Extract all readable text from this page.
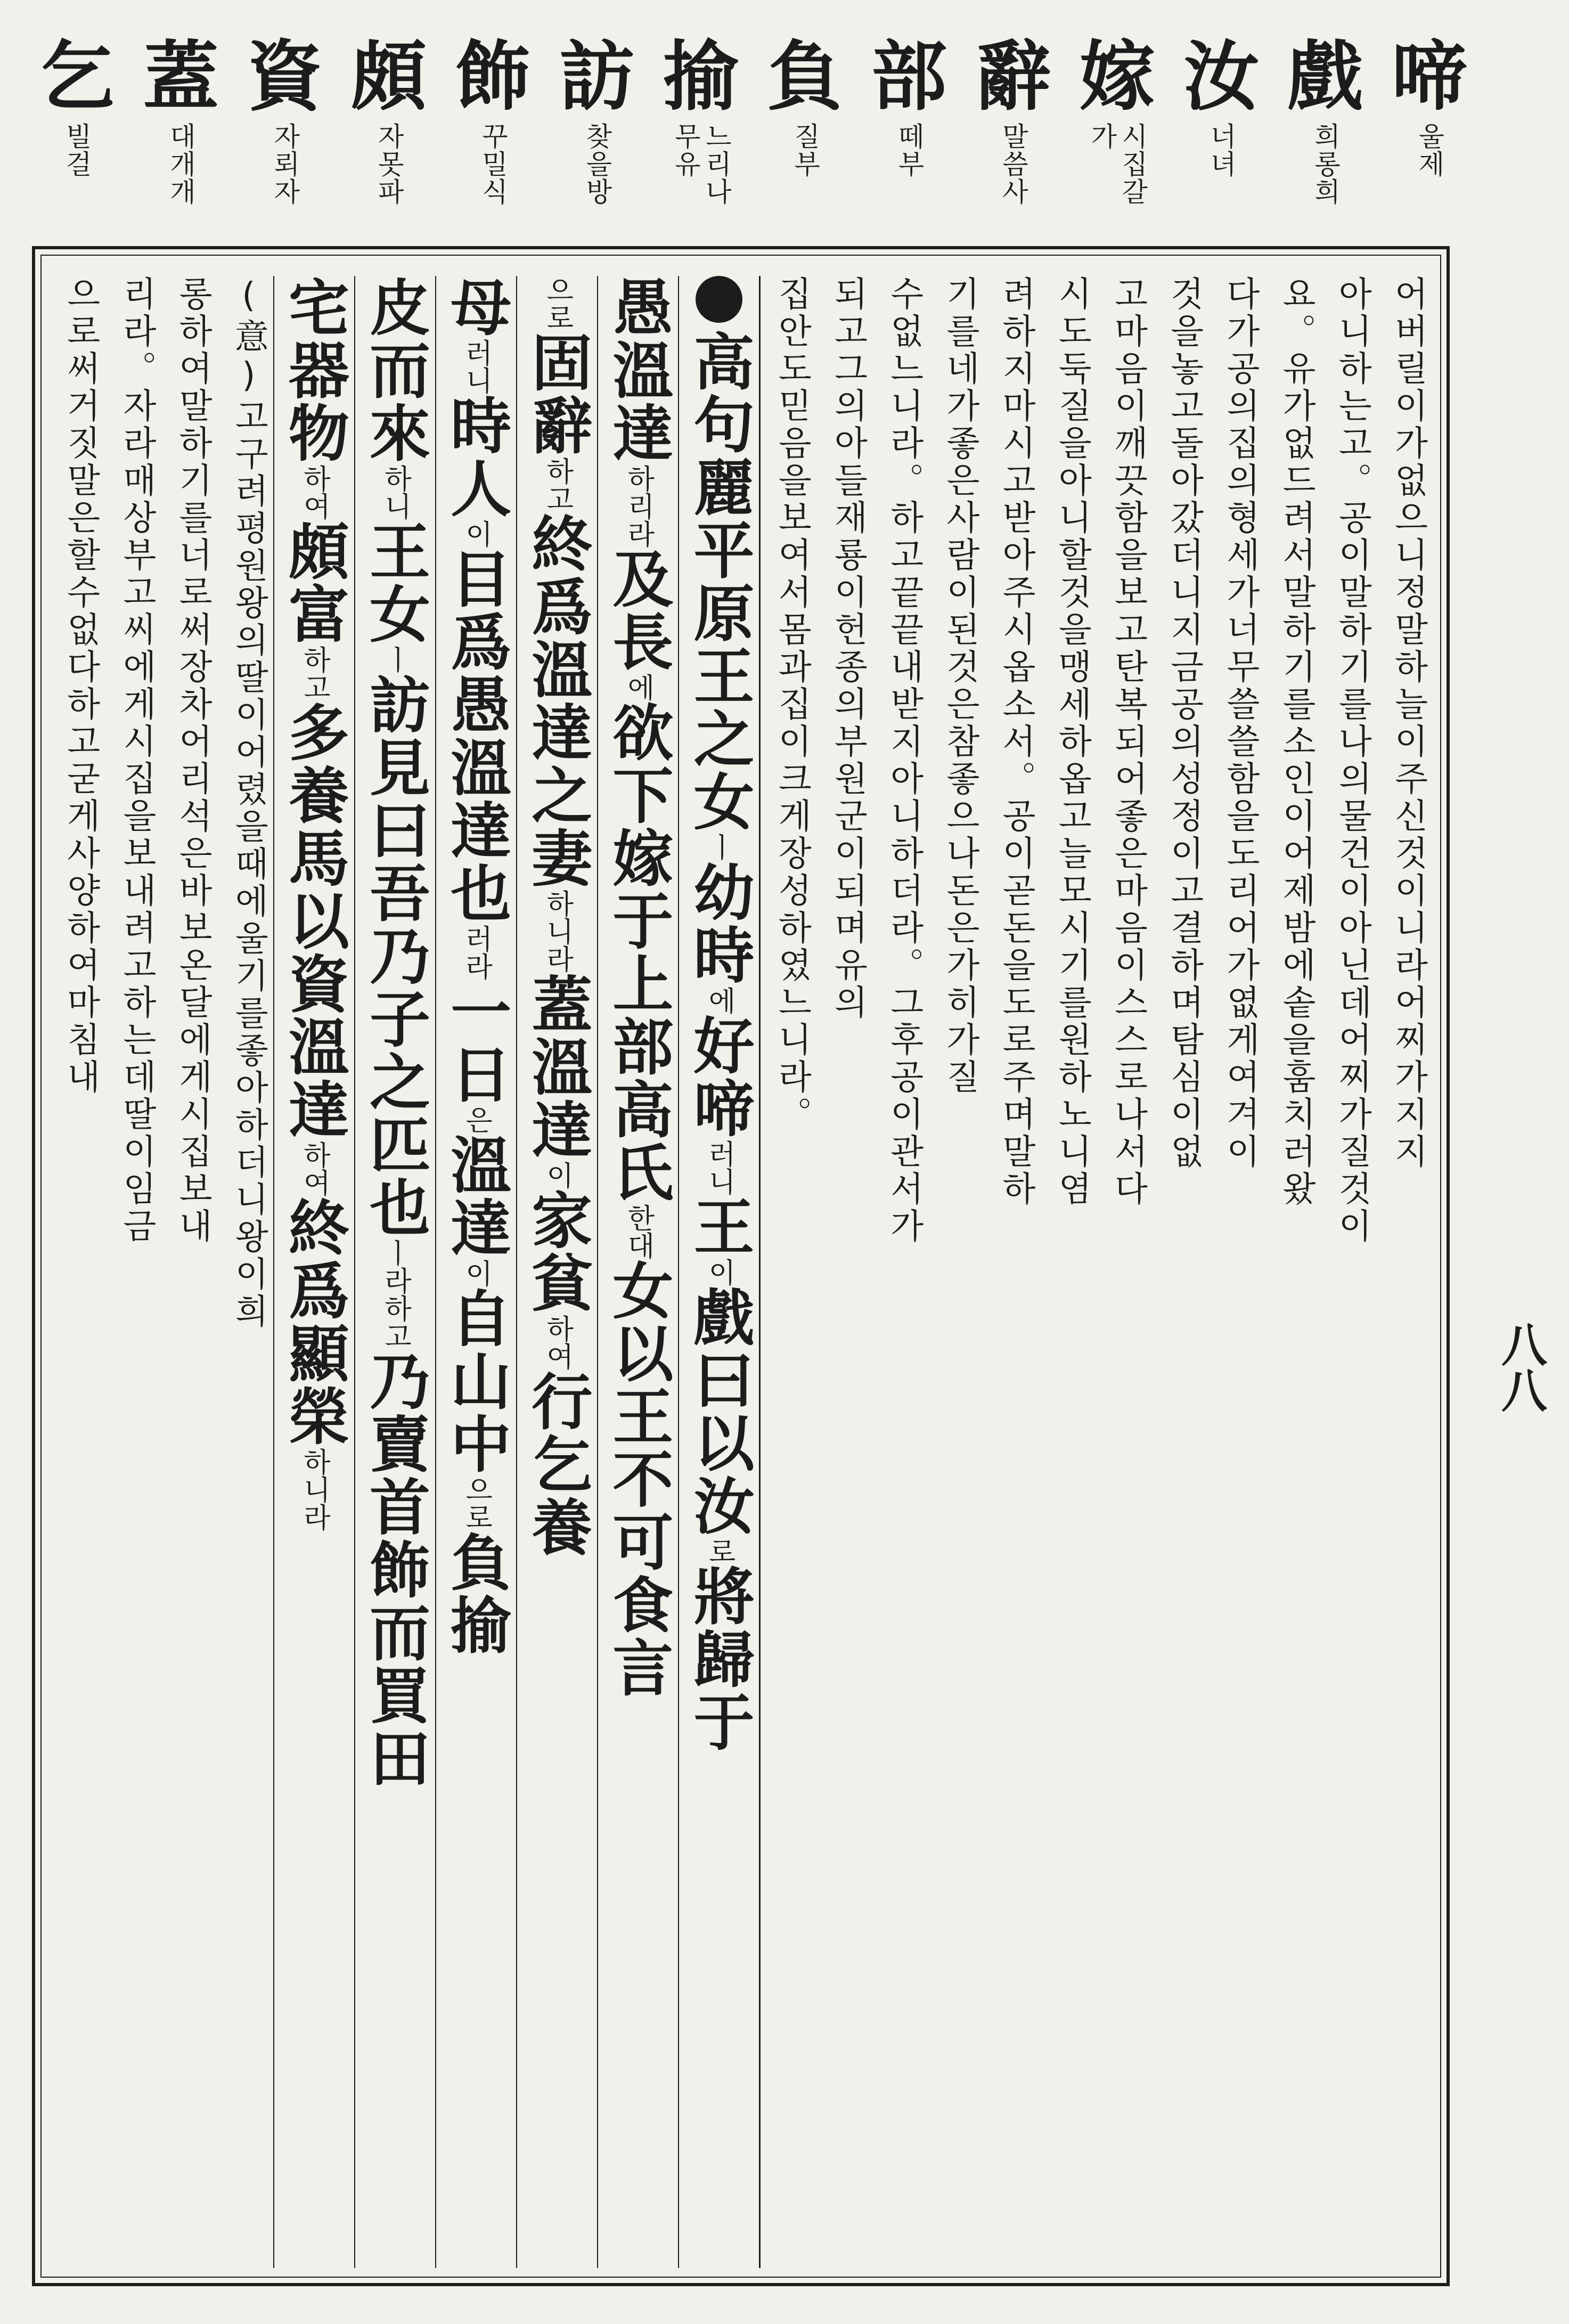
啼
울제
戲
희롱희
汝
너녀
嫁
시집갈가
辭
말씀사
部
떼부
負
질부
揄
느리나무유
訪
찾을방
飾
꾸밀식
頗
자못파
資
자뢰자
蓋
대개개
乞
빌걸
八八
어버릴이가없으니정말하늘이주신것이니라어찌가지지
아니하는고。공이말하기를나의물건이아닌데어찌가질것이
요。유가없드려서말하기를소인이어제밤에솥을훔치러왔
다가공의집의형세가너무쓸쓸함을도리어가엾게여겨이
것을놓고돌아갔더니지금공의성정이고결하며탐심이없
고마음이깨끗함을보고탄복되어좋은마음이스스로나서다
시도둑질을아니할것을맹세하옵고늘모시기를원하노니염
려하지마시고받아주시옵소서。공이곧돈을도로주며말하
기를네가좋은사람이된것은참좋으나돈은가히가질
수없느니라。하고끝끝내받지아니하더라。그후공이관서가
되고그의아들재룡이헌종의부원군이되며유의
집안도믿음을보여서몸과집이크게장성하였느니라。
高句麗平原王之女ㅣ幼時에好啼러니王이戲曰以汝로將歸于
愚溫達하리라及長에欲下嫁于上部高氏한대女以王不可食言
으로固辭하고終爲溫達之妻하니라蓋溫達이家貧하여行乞養
母러니時人이目爲愚溫達也러라一日은溫達이自山中으로負揄
皮而來하니王女ㅣ訪見曰吾乃子之匹也ㅣ라하고乃賣首飾而買田
宅器物하여頗富하고多養馬以資溫達하여終爲顯榮하니라
(意)고구려평원왕의딸이어렸을때에울기를좋아하더니왕이희
롱하여말하기를너로써장차어리석은바보온달에게시집보내
리라。자라매상부고씨에게시집을보내려고하는데딸이임금
으로써거짓말은할수없다하고굳게사양하여마침내
